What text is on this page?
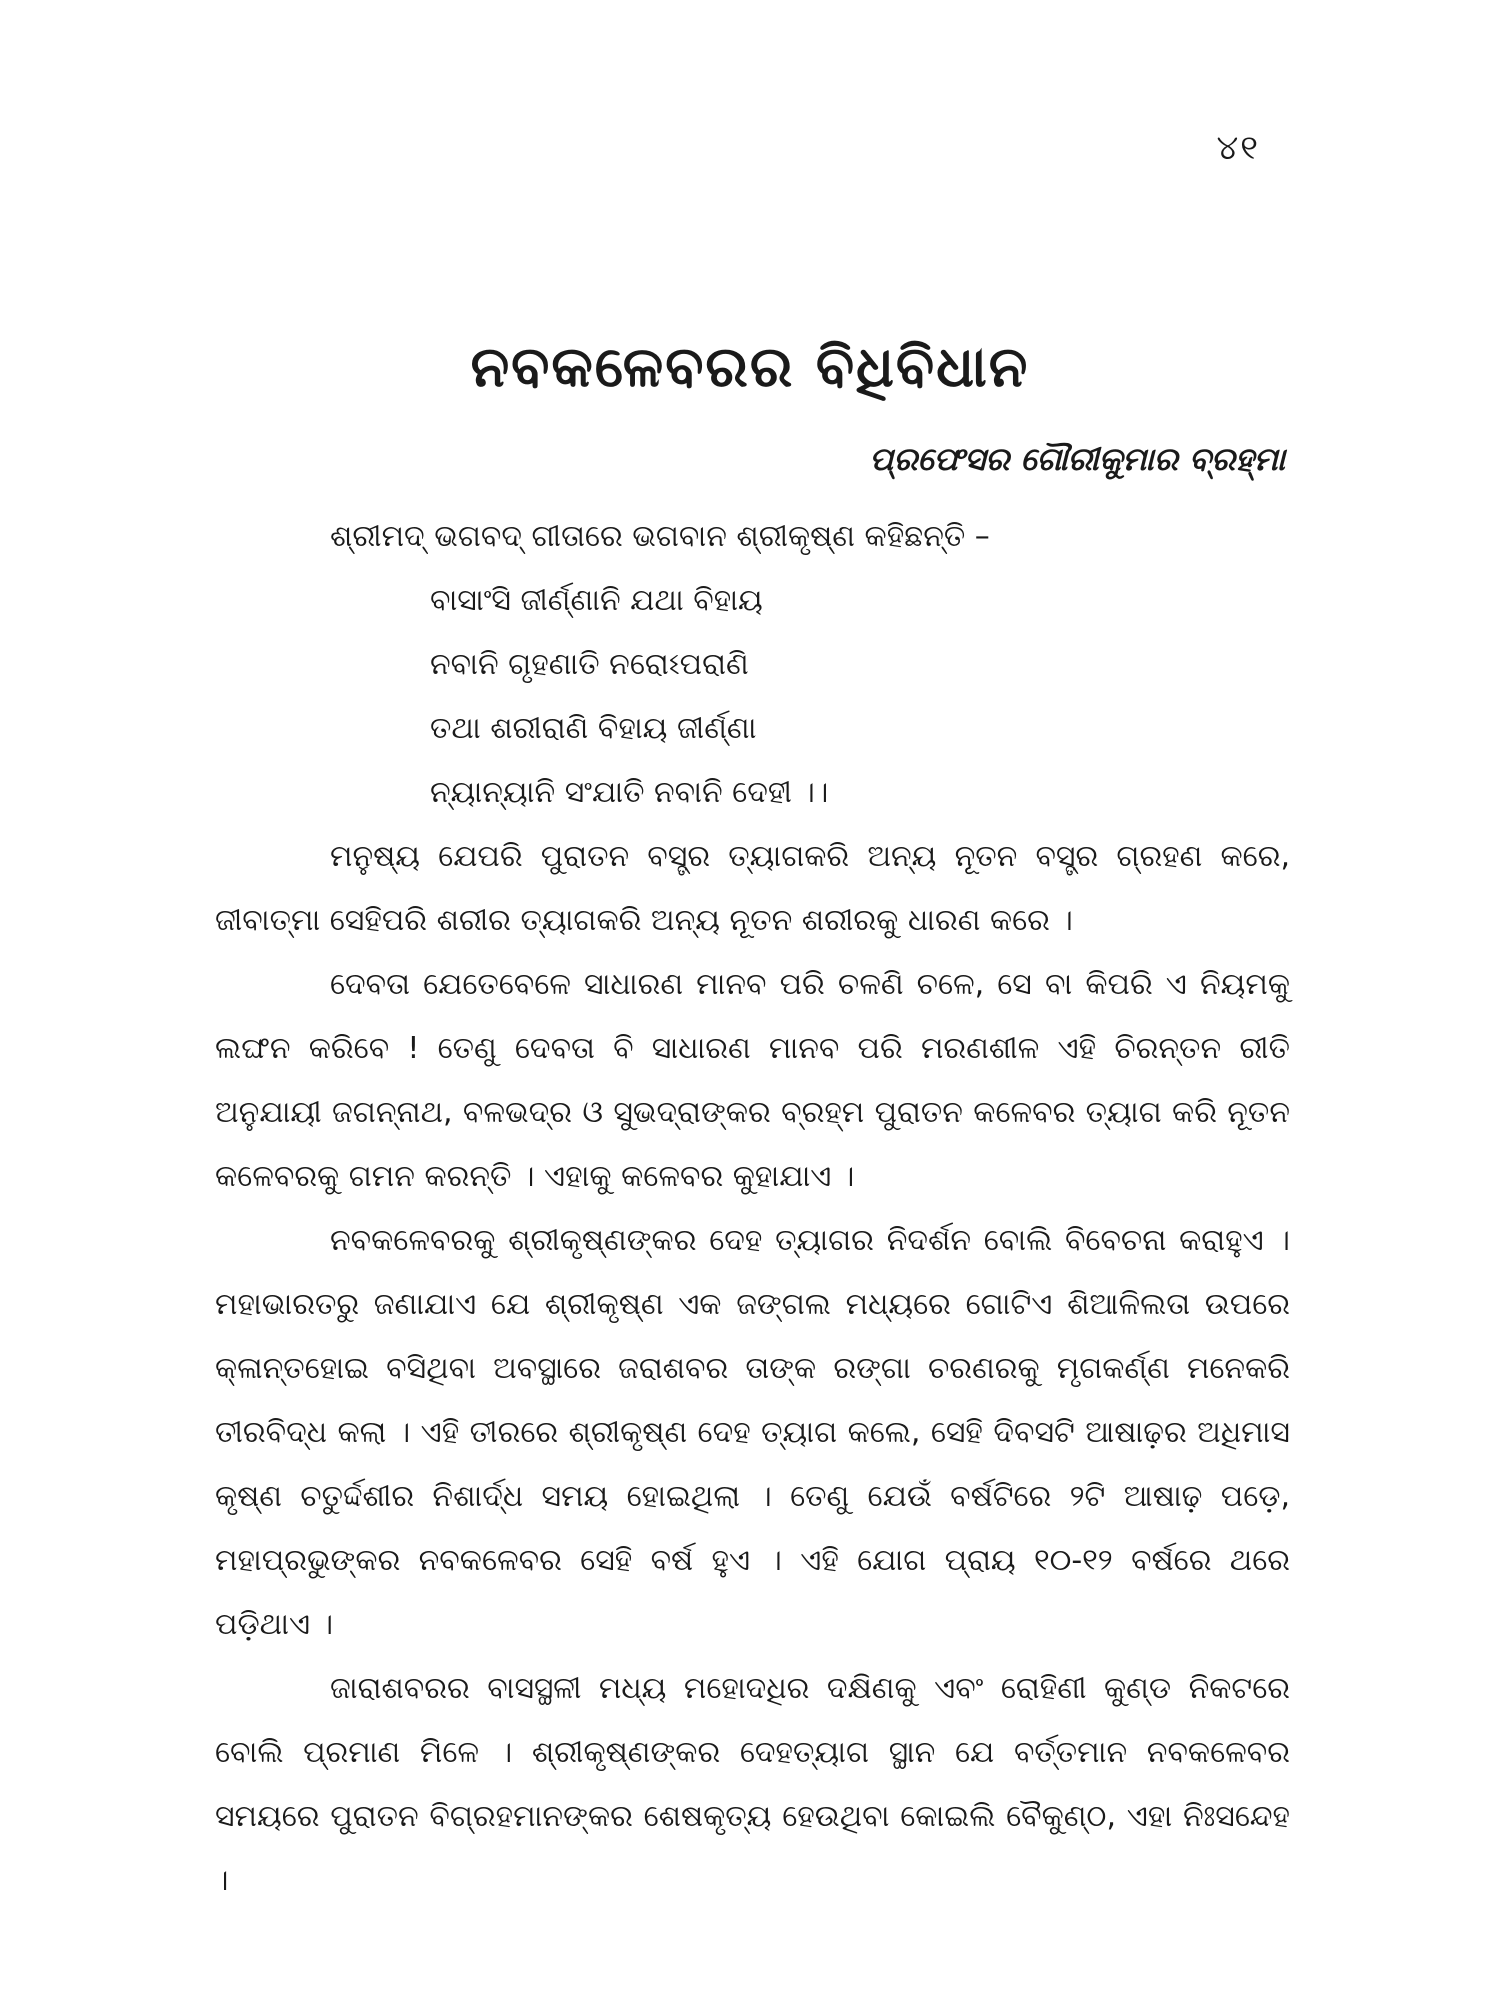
୪୧
ନବକଳେବରର ବିଧିବିଧାନ
ପ୍ରଫେସର ଗୌରୀକୁମାର ବ୍ରହ୍ମା
ଶ୍ରୀମଦ୍ ଭଗବଦ୍ ଗୀତାରେ ଭଗବାନ ଶ୍ରୀକୃଷ୍ଣ କହିଛନ୍ତି –
ବାସାଂସି ଜୀର୍ଣ୍ଣାନି ଯଥା ବିହାୟ
ନବାନି ଗୃହଣାତି ନରୋଽପରାଣି
ତଥା ଶରୀରାଣି ବିହାୟ ଜୀର୍ଣ୍ଣା
ନ୍ୟାନ୍ୟାନି ସଂଯାତି ନବାନି ଦେହୀ ।।

ମନୁଷ୍ୟ ଯେପରି ପୁରାତନ ବସ୍ତ୍ର ତ୍ୟାଗକରି ଅନ୍ୟ ନୂତନ ବସ୍ତ୍ର ଗ୍ରହଣ କରେ, ଜୀବାତ୍ମା ସେହିପରି ଶରୀର ତ୍ୟାଗକରି ଅନ୍ୟ ନୂତନ ଶରୀରକୁ ଧାରଣ କରେ ।

ଦେବତା ଯେତେବେଳେ ସାଧାରଣ ମାନବ ପରି ଚଳଣି ଚଳେ, ସେ ବା କିପରି ଏ ନିୟମକୁ ଲଙ୍ଘନ କରିବେ ! ତେଣୁ ଦେବତା ବି ସାଧାରଣ ମାନବ ପରି ମରଣଶୀଳ ଏହି ଚିରନ୍ତନ ରୀତି ଅନୁଯାୟୀ ଜଗନ୍ନାଥ, ବଳଭଦ୍ର ଓ ସୁଭଦ୍ରାଙ୍କର ବ୍ରହ୍ମ ପୁରାତନ କଳେବର ତ୍ୟାଗ କରି ନୂତନ କଳେବରକୁ ଗମନ କରନ୍ତି । ଏହାକୁ କଳେବର କୁହାଯାଏ ।

ନବକଳେବରକୁ ଶ୍ରୀକୃଷ୍ଣଙ୍କର ଦେହ ତ୍ୟାଗର ନିଦର୍ଶନ ବୋଲି ବିବେଚନା କରାହୁଏ । ମହାଭାରତରୁ ଜଣାଯାଏ ଯେ ଶ୍ରୀକୃଷ୍ଣ ଏକ ଜଙ୍ଗଲ ମଧ୍ୟରେ ଗୋଟିଏ ଶିଆଳିଲତା ଉପରେ କ୍ଳାନ୍ତହୋଇ ବସିଥିବା ଅବସ୍ଥାରେ ଜରାଶବର ତାଙ୍କ ରଙ୍ଗା ଚରଣରକୁ ମୃଗକର୍ଣ୍ଣ ମନେକରି ତୀରବିଦ୍ଧ କଲା । ଏହି ତୀରରେ ଶ୍ରୀକୃଷ୍ଣ ଦେହ ତ୍ୟାଗ କଲେ, ସେହି ଦିବସଟି ଆଷାଢ଼ର ଅଧିମାସ କୃଷ୍ଣ ଚତୁର୍ଦ୍ଦଶୀର ନିଶାର୍ଦ୍ଧ ସମୟ ହୋଇଥିଲା । ତେଣୁ ଯେଉଁ ବର୍ଷଟିରେ ୨ଟି ଆଷାଢ଼ ପଡ଼େ, ମହାପ୍ରଭୁଙ୍କର ନବକଳେବର ସେହି ବର୍ଷ ହୁଏ । ଏହି ଯୋଗ ପ୍ରାୟ ୧୦-୧୨ ବର୍ଷରେ ଥରେ ପଡ଼ିଥାଏ ।

ଜାରାଶବରର ବାସସ୍ଥଳୀ ମଧ୍ୟ ମହୋଦଧିର ଦକ୍ଷିଣକୁ ଏବଂ ରୋହିଣୀ କୁଣ୍ଡ ନିକଟରେ ବୋଲି ପ୍ରମାଣ ମିଳେ । ଶ୍ରୀକୃଷ୍ଣଙ୍କର ଦେହତ୍ୟାଗ ସ୍ଥାନ ଯେ ବର୍ତ୍ତମାନ ନବକଳେବର ସମୟରେ ପୁରାତନ ବିଗ୍ରହମାନଙ୍କର ଶେଷକୃତ୍ୟ ହେଉଥିବା କୋଇଲି ବୈକୁଣ୍ଠ, ଏହା ନିଃସନ୍ଦେହ ।
